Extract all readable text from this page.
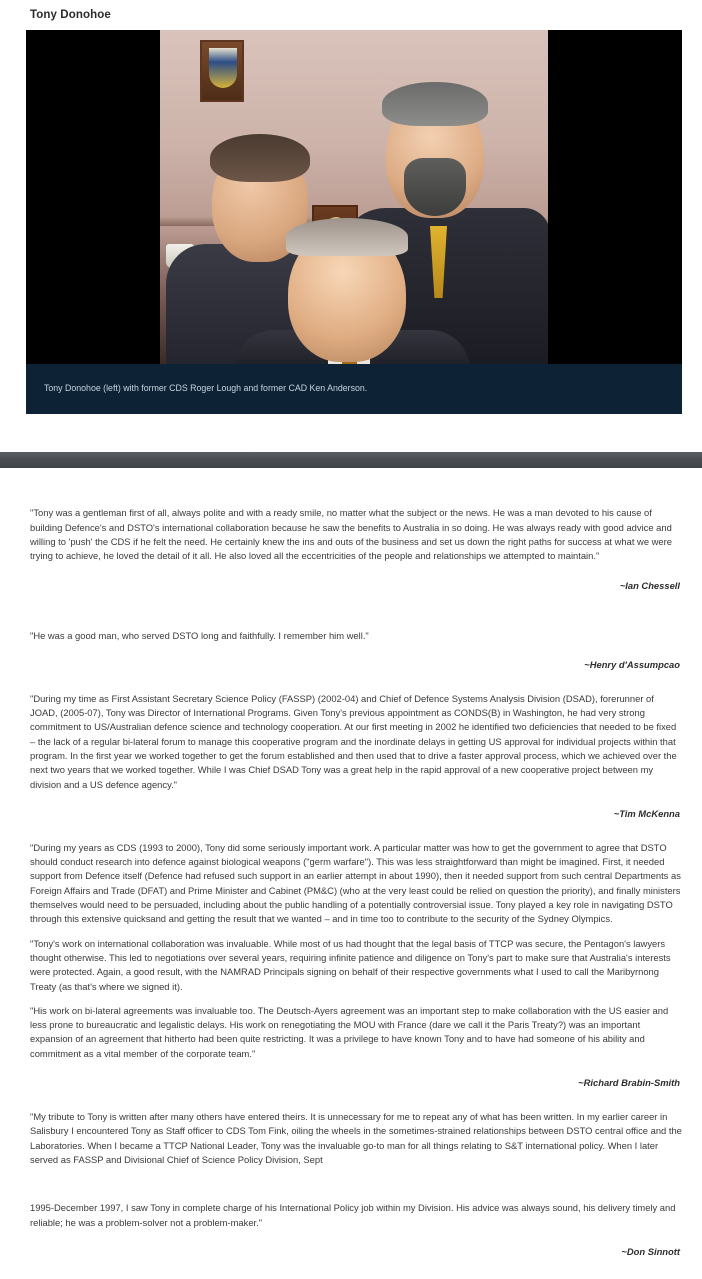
Tony Donohoe
Tony Donohoe (left) with former CDS Roger Lough and former CAD Ken Anderson.

"Tony was a gentleman first of all, always polite and with a ready smile, no matter what the subject or the news. He was a man devoted to his cause of building Defence's and DSTO's international collaboration because he saw the benefits to Australia in so doing. He was always ready with good advice and willing to 'push' the CDS if he felt the need. He certainly knew the ins and outs of the business and set us down the right paths for success at what we were trying to achieve, he loved the detail of it all. He also loved all the eccentricities of the people and relationships we attempted to maintain."

~Ian Chessell

"He was a good man, who served DSTO long and faithfully. I remember him well."

~Henry d'Assumpcao

"During my time as First Assistant Secretary Science Policy (FASSP) (2002-04) and Chief of Defence Systems Analysis Division (DSAD), forerunner of JOAD, (2005-07), Tony was Director of International Programs. Given Tony's previous appointment as CONDS(B) in Washington, he had very strong commitment to US/Australian defence science and technology cooperation. At our first meeting in 2002 he identified two deficiencies that needed to be fixed – the lack of a regular bi-lateral forum to manage this cooperative program and the inordinate delays in getting US approval for individual projects within that program. In the first year we worked together to get the forum established and then used that to drive a faster approval process, which we achieved over the next two years that we worked together. While I was Chief DSAD Tony was a great help in the rapid approval of a new cooperative project between my division and a US defence agency."

~Tim McKenna

"During my years as CDS (1993 to 2000), Tony did some seriously important work. A particular matter was how to get the government to agree that DSTO should conduct research into defence against biological weapons ("germ warfare"). This was less straightforward than might be imagined. First, it needed support from Defence itself (Defence had refused such support in an earlier attempt in about 1990), then it needed support from such central Departments as Foreign Affairs and Trade (DFAT) and Prime Minister and Cabinet (PM&C) (who at the very least could be relied on question the priority), and finally ministers themselves would need to be persuaded, including about the public handling of a potentially controversial issue. Tony played a key role in navigating DSTO through this extensive quicksand and getting the result that we wanted – and in time too to contribute to the security of the Sydney Olympics.

"Tony's work on international collaboration was invaluable. While most of us had thought that the legal basis of TTCP was secure, the Pentagon's lawyers thought otherwise. This led to negotiations over several years, requiring infinite patience and diligence on Tony's part to make sure that Australia's interests were protected. Again, a good result, with the NAMRAD Principals signing on behalf of their respective governments what I used to call the Maribyrnong Treaty (as that's where we signed it).

"His work on bi-lateral agreements was invaluable too. The Deutsch-Ayers agreement was an important step to make collaboration with the US easier and less prone to bureaucratic and legalistic delays. His work on renegotiating the MOU with France (dare we call it the Paris Treaty?) was an important expansion of an agreement that hitherto had been quite restricting. It was a privilege to have known Tony and to have had someone of his ability and commitment as a vital member of the corporate team."

~Richard Brabin-Smith

"My tribute to Tony is written after many others have entered theirs. It is unnecessary for me to repeat any of what has been written. In my earlier career in Salisbury I encountered Tony as Staff officer to CDS Tom Fink, oiling the wheels in the sometimes-strained relationships between DSTO central office and the Laboratories. When I became a TTCP National Leader, Tony was the invaluable go-to man for all things relating to S&T international policy. When I later served as FASSP and Divisional Chief of Science Policy Division, Sept

1995-December 1997, I saw Tony in complete charge of his International Policy job within my Division. His advice was always sound, his delivery timely and reliable; he was a problem-solver not a problem-maker."

~Don Sinnott
